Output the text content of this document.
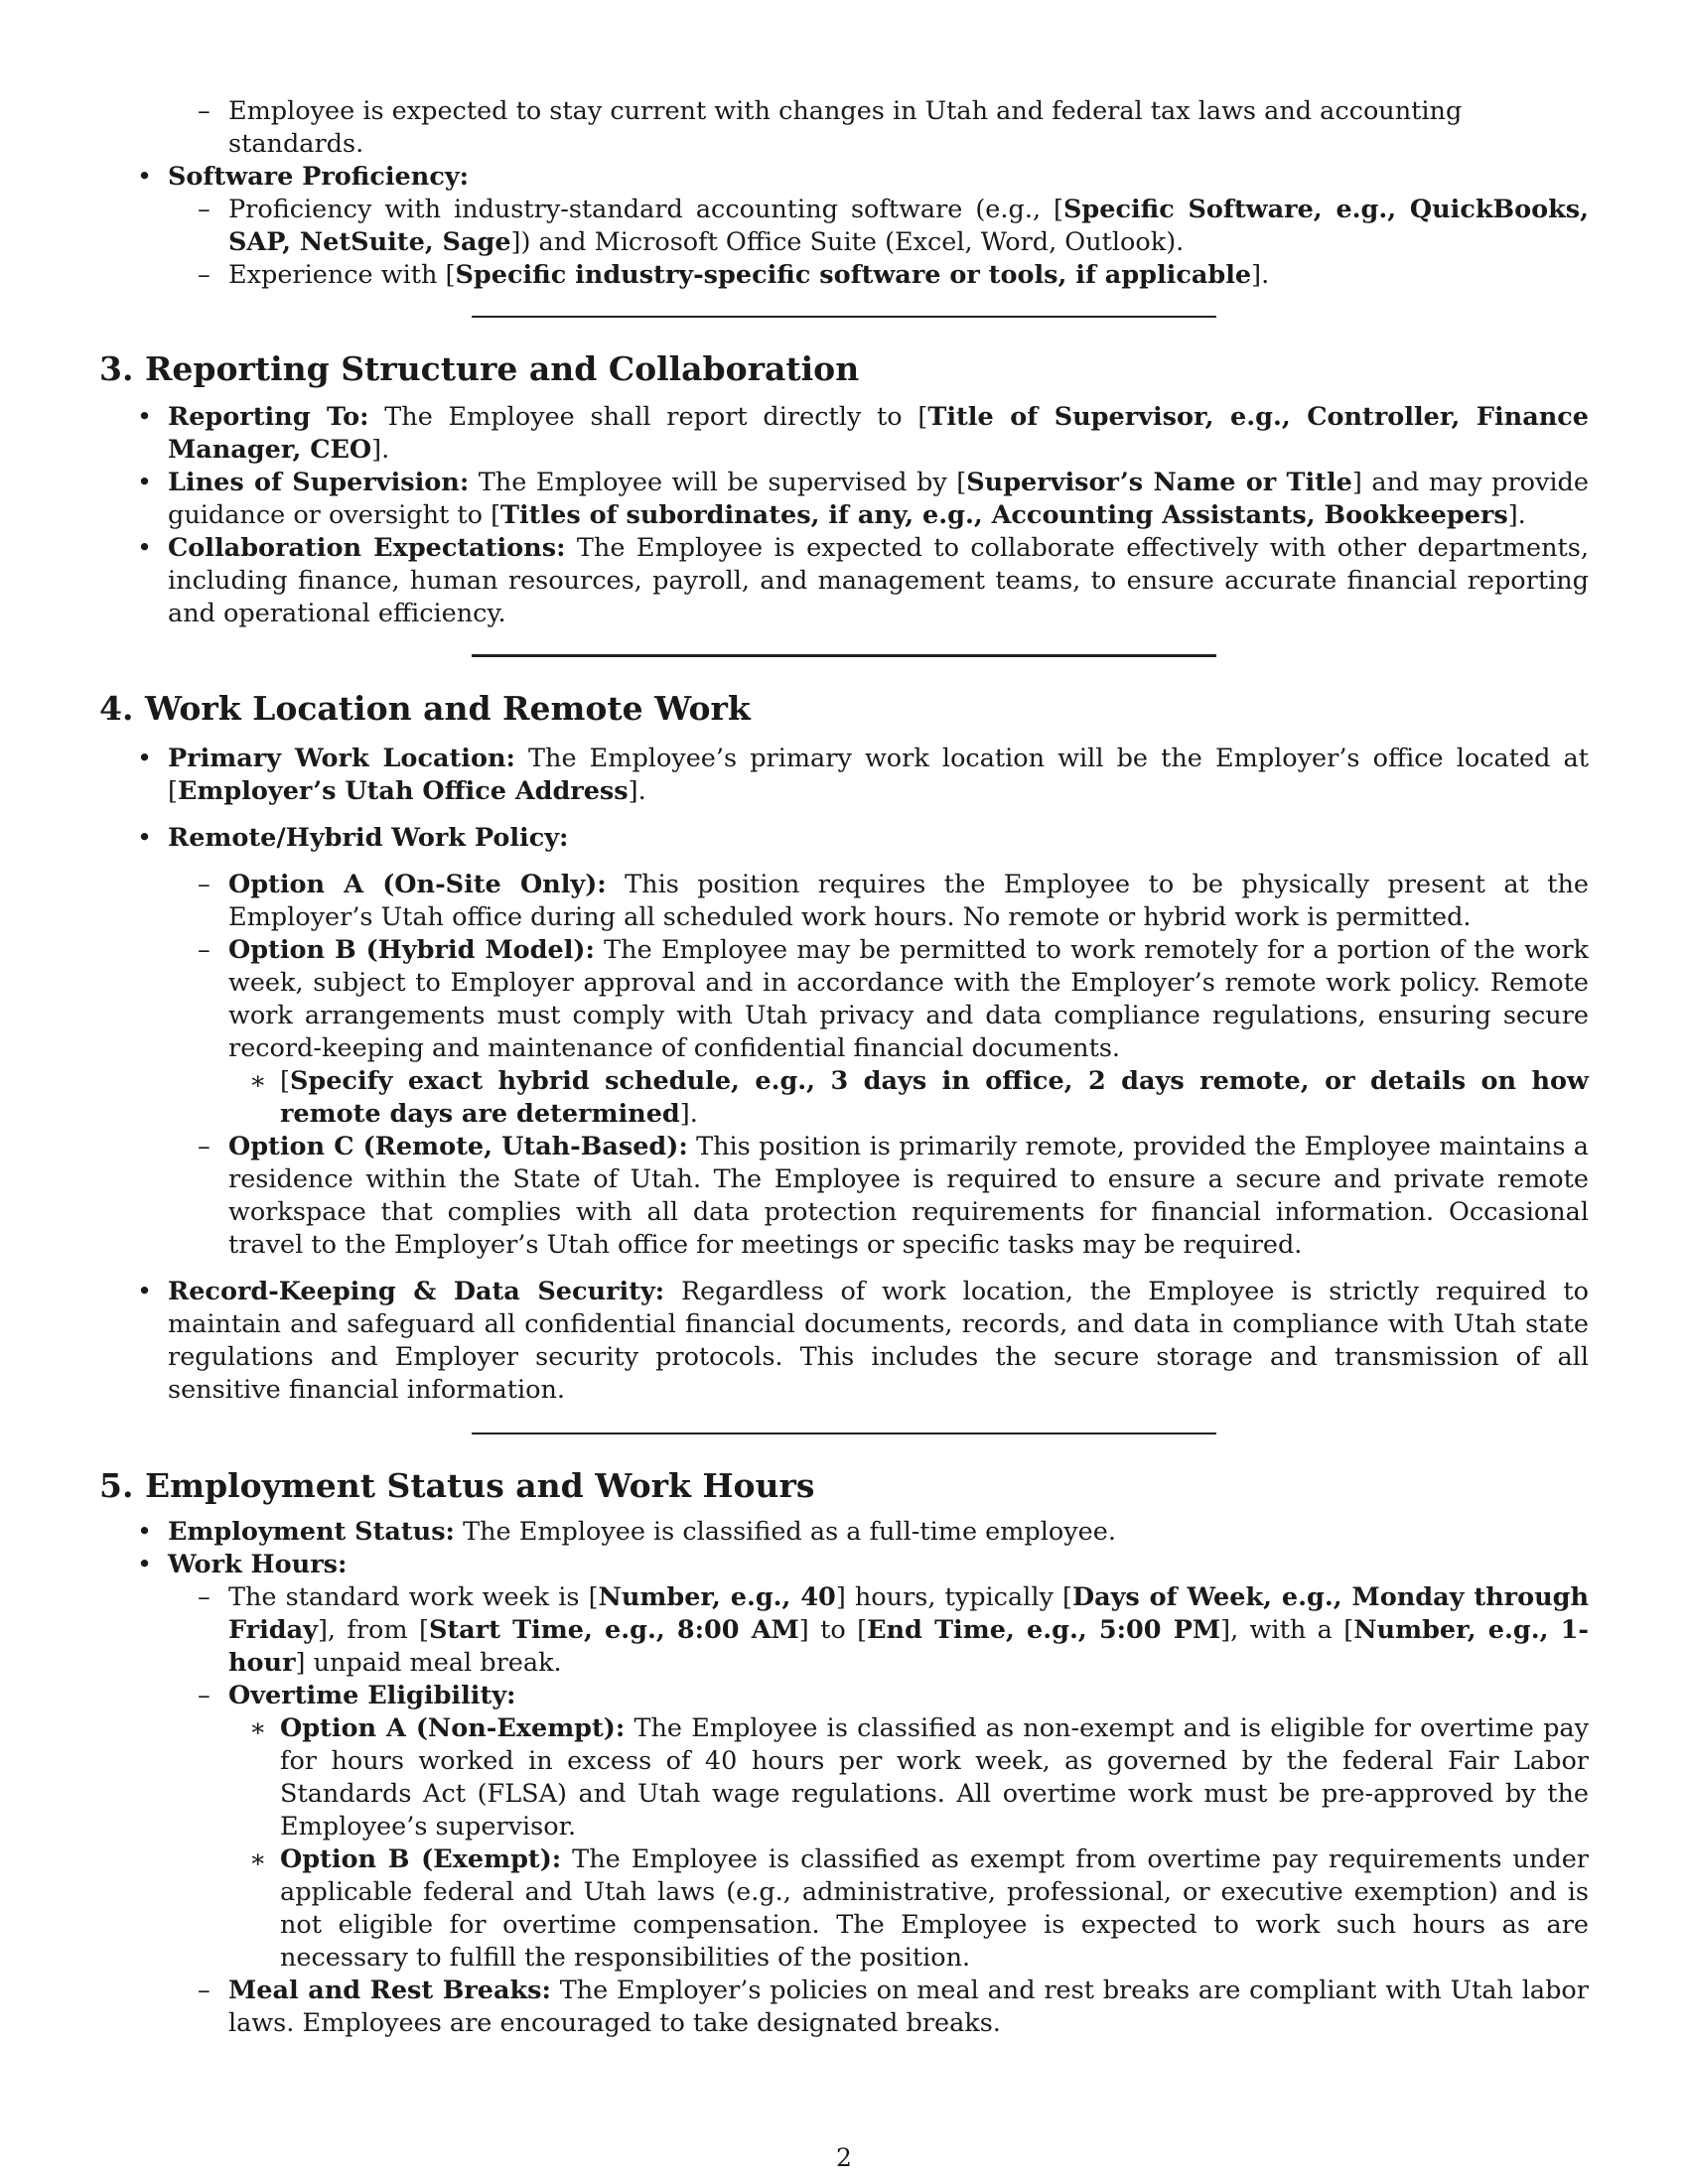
– Employee is expected to stay current with changes in Utah and federal tax laws and accounting standards.

• Software Proficiency:

– Proficiency with industry-standard accounting software (e.g., [Specific Software, e.g., QuickBooks, SAP, NetSuite, Sage]) and Microsoft Office Suite (Excel, Word, Outlook).

– Experience with [Specific industry-specific software or tools, if applicable].

3. Reporting Structure and Collaboration
• Reporting To: The Employee shall report directly to [Title of Supervisor, e.g., Controller, Finance Manager, CEO].

• Lines of Supervision: The Employee will be supervised by [Supervisor’s Name or Title] and may provide guidance or oversight to [Titles of subordinates, if any, e.g., Accounting Assistants, Bookkeepers].

• Collaboration Expectations: The Employee is expected to collaborate effectively with other departments, including finance, human resources, payroll, and management teams, to ensure accurate financial reporting and operational efficiency.

4. Work Location and Remote Work
• Primary Work Location: The Employee’s primary work location will be the Employer’s office located at [Employer’s Utah Office Address].

• Remote/Hybrid Work Policy:

– Option A (On-Site Only): This position requires the Employee to be physically present at the Employer’s Utah office during all scheduled work hours. No remote or hybrid work is permitted.

– Option B (Hybrid Model): The Employee may be permitted to work remotely for a portion of the work week, subject to Employer approval and in accordance with the Employer’s remote work policy. Remote work arrangements must comply with Utah privacy and data compliance regulations, ensuring secure record-keeping and maintenance of confidential financial documents.

∗ [Specify exact hybrid schedule, e.g., 3 days in office, 2 days remote, or details on how remote days are determined].

– Option C (Remote, Utah-Based): This position is primarily remote, provided the Employee maintains a residence within the State of Utah. The Employee is required to ensure a secure and private remote workspace that complies with all data protection requirements for financial information. Occasional travel to the Employer’s Utah office for meetings or specific tasks may be required.

• Record-Keeping & Data Security: Regardless of work location, the Employee is strictly required to maintain and safeguard all confidential financial documents, records, and data in compliance with Utah state regulations and Employer security protocols. This includes the secure storage and transmission of all sensitive financial information.

5. Employment Status and Work Hours
• Employment Status: The Employee is classified as a full-time employee.

• Work Hours:

– The standard work week is [Number, e.g., 40] hours, typically [Days of Week, e.g., Monday through Friday], from [Start Time, e.g., 8:00 AM] to [End Time, e.g., 5:00 PM], with a [Number, e.g., 1-hour] unpaid meal break.

– Overtime Eligibility:

∗ Option A (Non-Exempt): The Employee is classified as non-exempt and is eligible for overtime pay for hours worked in excess of 40 hours per work week, as governed by the federal Fair Labor Standards Act (FLSA) and Utah wage regulations. All overtime work must be pre-approved by the Employee’s supervisor.

∗ Option B (Exempt): The Employee is classified as exempt from overtime pay requirements under applicable federal and Utah laws (e.g., administrative, professional, or executive exemption) and is not eligible for overtime compensation. The Employee is expected to work such hours as are necessary to fulfill the responsibilities of the position.

– Meal and Rest Breaks: The Employer’s policies on meal and rest breaks are compliant with Utah labor laws. Employees are encouraged to take designated breaks.

2
